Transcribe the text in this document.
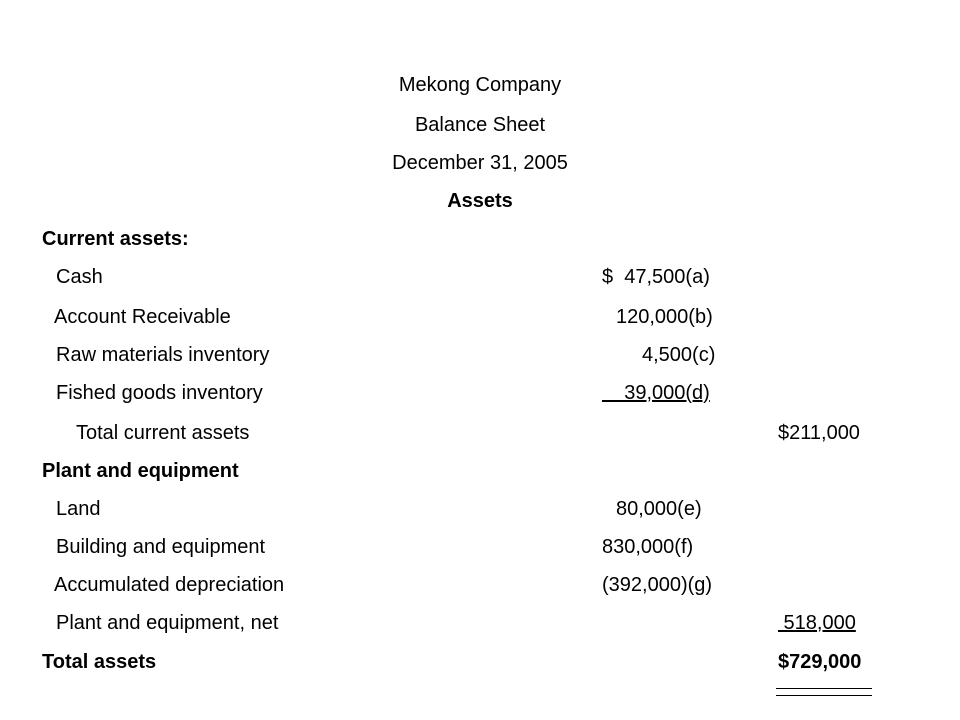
Mekong Company
Balance Sheet
December 31, 2005
Assets
Current assets:
Cash	$  47,500(a)
Account Receivable	120,000(b)
Raw materials inventory	4,500(c)
Fished goods inventory	39,000(d)
Total current assets	$211,000
Plant and equipment
Land	80,000(e)
Building and equipment	830,000(f)
Accumulated depreciation	(392,000)(g)
Plant and equipment, net	518,000
Total assets	$729,000
